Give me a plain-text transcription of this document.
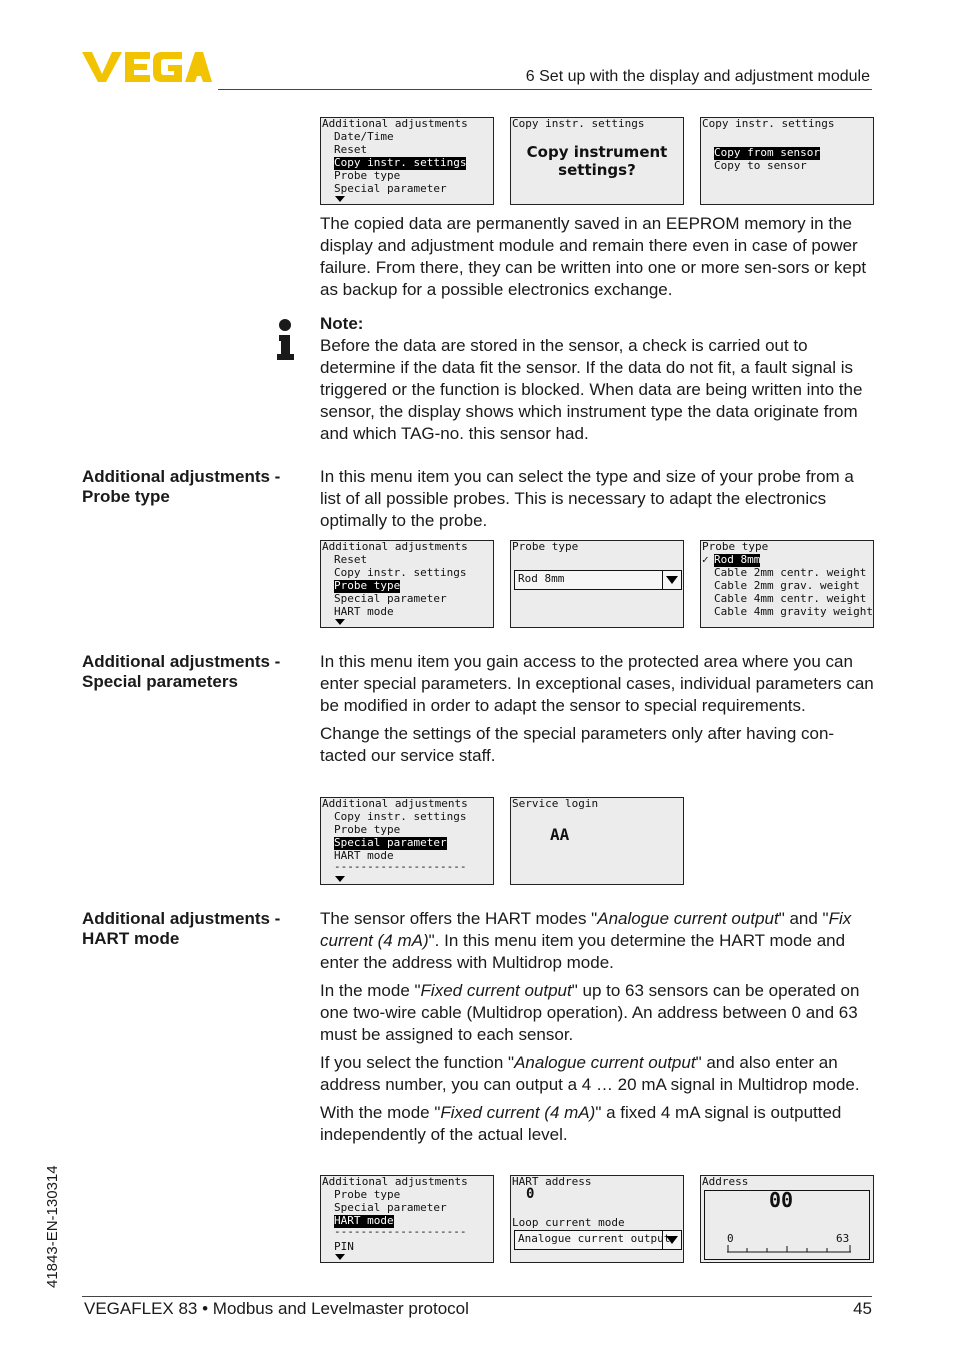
6 Set up with the display and adjustment module
Additional adjustments
Date/Time
Reset
Copy instr. settings
Probe type
Special parameter
Copy instr. settings
Copy instrument
settings?
Copy instr. settings
Copy from sensor
Copy to sensor

The copied data are permanently saved in an EEPROM memory in the display and adjustment module and remain there even in case of power failure. From there, they can be written into one or more sen-sors or kept as backup for a possible electronics exchange.

Note:

Before the data are stored in the sensor, a check is carried out to determine if the data fit the sensor. If the data do not fit, a fault signal is triggered or the function is blocked. When data are being written into the sensor, the display shows which instrument type the data originate from and which TAG-no. this sensor had.

Additional adjustments -
Probe type

In this menu item you can select the type and size of your probe from a list of all possible probes. This is necessary to adapt the electronics optimally to the probe.

Additional adjustments
Reset
Copy instr. settings
Probe type
Special parameter
HART mode
Probe type
Rod 8mm
Probe type
✓ Rod 8mm
Cable 2mm centr. weight
Cable 2mm grav. weight
Cable 4mm centr. weight
Cable 4mm gravity weight
Additional adjustments -
Special parameters

In this menu item you gain access to the protected area where you can enter special parameters. In exceptional cases, individual parameters can be modified in order to adapt the sensor to special requirements.

Change the settings of the special parameters only after having con-tacted our service staff.

Additional adjustments
Copy instr. settings
Probe type
Special parameter
HART mode
--------------------
Service login
AA
Additional adjustments -
HART mode

The sensor offers the HART modes "Analogue current output" and "Fix current (4 mA)". In this menu item you determine the HART mode and enter the address with Multidrop mode.

In the mode "Fixed current output" up to 63 sensors can be operated on one two-wire cable (Multidrop operation). An address between 0 and 63 must be assigned to each sensor.

If you select the function "Analogue current output" and also enter an address number, you can output a 4 … 20 mA signal in Multidrop mode.

With the mode "Fixed current (4 mA)" a fixed 4 mA signal is outputted independently of the actual level.

Additional adjustments
Probe type
Special parameter
HART mode
--------------------
PIN
HART address
0
Loop current mode
Analogue current output
Address
00
0	63
41843-EN-130314
VEGAFLEX 83 • Modbus and Levelmaster protocol	45
